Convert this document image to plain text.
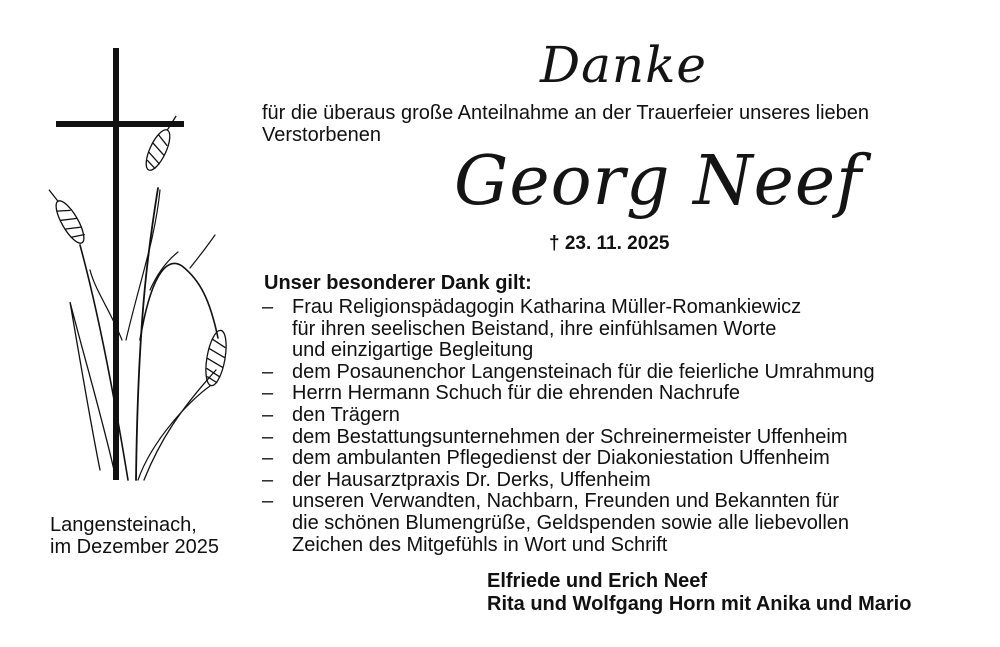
Langensteinach,
im Dezember 2025
Danke
für die überaus große Anteilnahme an der Trauerfeier unseres lieben Verstorbenen
Georg Neef
† 23. 11. 2025
Unser besonderer Dank gilt:
– Frau Religionspädagogin Katharina Müller-Romankiewicz
für ihren seelischen Beistand, ihre einfühlsamen Worte
und einzigartige Begleitung
– dem Posaunenchor Langensteinach für die feierliche Umrahmung
– Herrn Hermann Schuch für die ehrenden Nachrufe
– den Trägern
– dem Bestattungsunternehmen der Schreinermeister Uffenheim
– dem ambulanten Pflegedienst der Diakoniestation Uffenheim
– der Hausarztpraxis Dr. Derks, Uffenheim
– unseren Verwandten, Nachbarn, Freunden und Bekannten für
die schönen Blumengrüße, Geldspenden sowie alle liebevollen
Zeichen des Mitgefühls in Wort und Schrift
Elfriede und Erich Neef
Rita und Wolfgang Horn mit Anika und Mario
